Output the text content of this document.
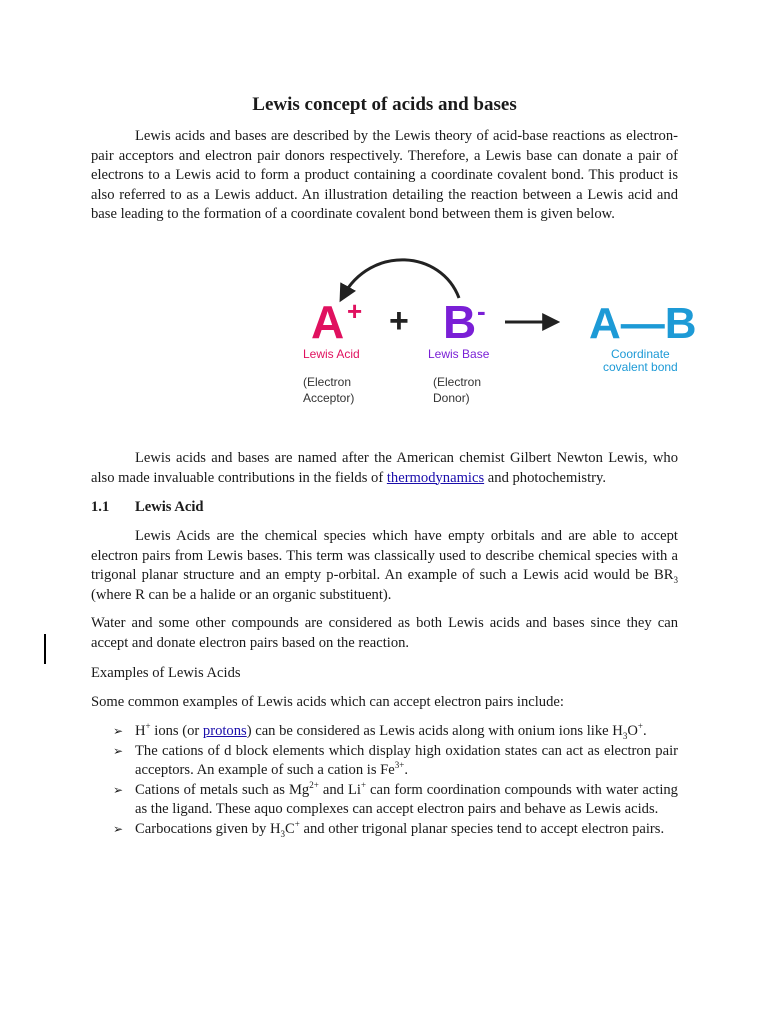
Lewis concept of acids and bases

Lewis acids and bases are described by the Lewis theory of acid-base reactions as electron-pair acceptors and electron pair donors respectively. Therefore, a Lewis base can donate a pair of electrons to a Lewis acid to form a product containing a coordinate covalent bond. This product is also referred to as a Lewis adduct. An illustration detailing the reaction between a Lewis acid and base leading to the formation of a coordinate covalent bond between them is given below.

A + + B - A—B
Lewis Acid	Lewis Base	Coordinate
covalent bond
(Electron
Acceptor)
(Electron
Donor)

Lewis acids and bases are named after the American chemist Gilbert Newton Lewis, who also made invaluable contributions in the fields of thermodynamics and photochemistry.

1.1 Lewis Acid

Lewis Acids are the chemical species which have empty orbitals and are able to accept electron pairs from Lewis bases. This term was classically used to describe chemical species with a trigonal planar structure and an empty p-orbital. An example of such a Lewis acid would be $BR_3$ (where R can be a halide or an organic substituent).

Water and some other compounds are considered as both Lewis acids and bases since they can accept and donate electron pairs based on the reaction.

Examples of Lewis Acids

Some common examples of Lewis acids which can accept electron pairs include:

➢ H+ ions (or protons) can be considered as Lewis acids along with onium ions like $H_3O^+$.
➢ The cations of d block elements which display high oxidation states can act as electron pair acceptors. An example of such a cation is $Fe^{3+}$.
➢ Cations of metals such as $Mg^{2+}$ and Li+ can form coordination compounds with water acting as the ligand. These aquo complexes can accept electron pairs and behave as Lewis acids.
➢ Carbocations given by $H_3C^+$ and other trigonal planar species tend to accept electron pairs.
